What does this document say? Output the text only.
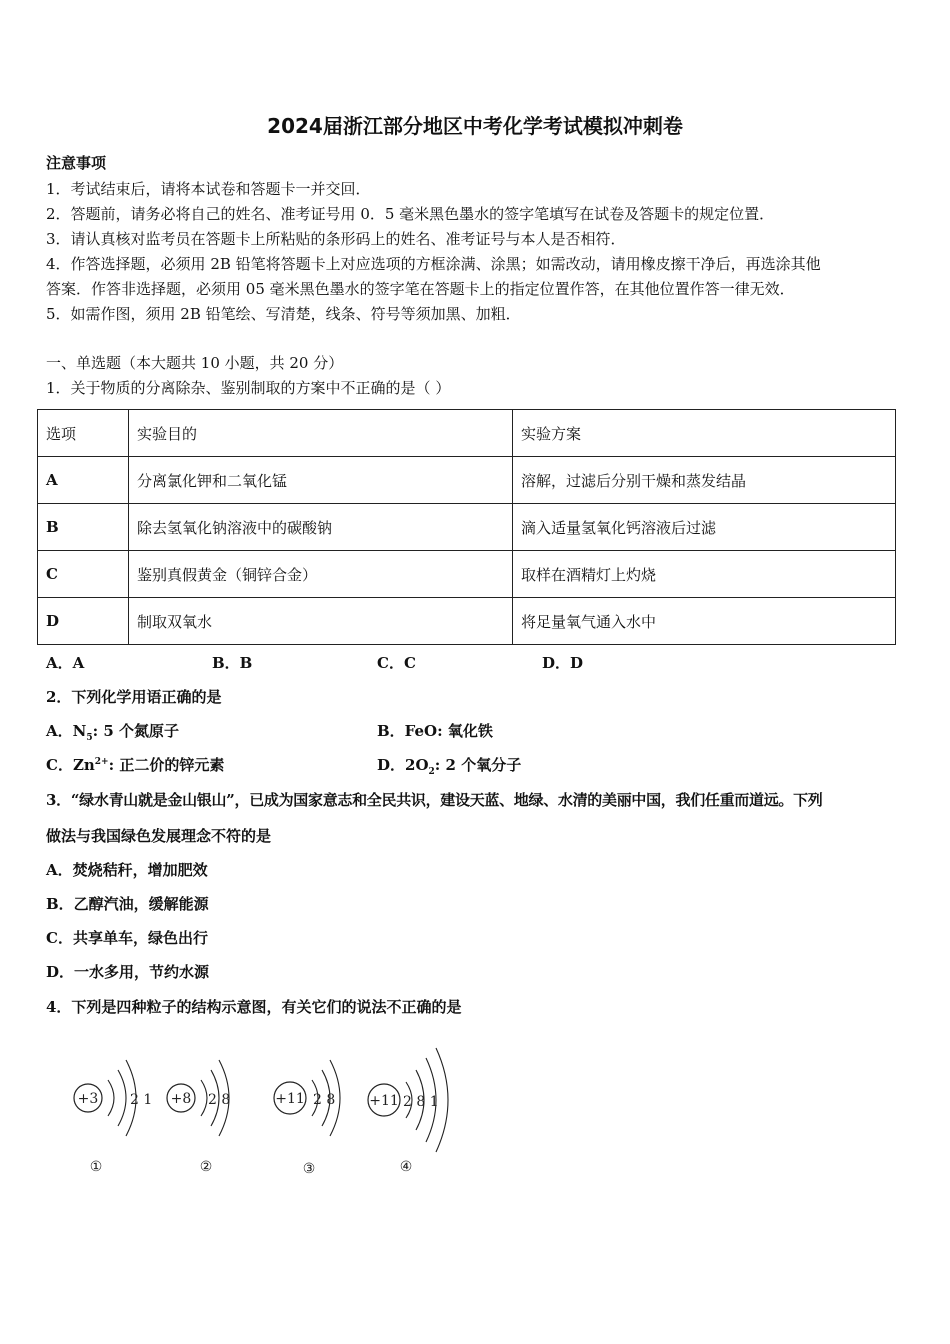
2024届浙江部分地区中考化学考试模拟冲刺卷
注意事项
1．考试结束后，请将本试卷和答题卡一并交回．
2．答题前，请务必将自己的姓名、准考证号用 0．5 毫米黑色墨水的签字笔填写在试卷及答题卡的规定位置．
3．请认真核对监考员在答题卡上所粘贴的条形码上的姓名、准考证号与本人是否相符．
4．作答选择题，必须用 2B 铅笔将答题卡上对应选项的方框涂满、涂黑；如需改动，请用橡皮擦干净后，再选涂其他
答案．作答非选择题，必须用 05 毫米黑色墨水的签字笔在答题卡上的指定位置作答，在其他位置作答一律无效．
5．如需作图，须用 2B 铅笔绘、写清楚，线条、符号等须加黑、加粗．
一、单选题（本大题共 10 小题，共 20 分）
1．关于物质的分离除杂、鉴别制取的方案中不正确的是（ ）
选项	实验目的	实验方案
A	分离氯化钾和二氧化锰	溶解，过滤后分别干燥和蒸发结晶
B	除去氢氧化钠溶液中的碳酸钠	滴入适量氢氧化钙溶液后过滤
C	鉴别真假黄金（铜锌合金）	取样在酒精灯上灼烧
D	制取双氧水	将足量氧气通入水中
A．A	B．B	C．C	D．D
2．下列化学用语正确的是
A．$N_5$: 5 个氮原子	B．FeO: 氧化铁
C．$Zn^{2+}$: 正二价的锌元素	D．$2O_2$: 2 个氧分子
3．“绿水青山就是金山银山”，已成为国家意志和全民共识，建设天蓝、地绿、水清的美丽中国，我们任重而道远。下列
做法与我国绿色发展理念不符的是
A．焚烧秸秆，增加肥效
B．乙醇汽油，缓解能源
C．共享单车，绿色出行
D．一水多用，节约水源
4．下列是四种粒子的结构示意图，有关它们的说法不正确的是
+3 2 1
①
+8 2 8
②
+11 2 8
③
+11 2 8 1
④
